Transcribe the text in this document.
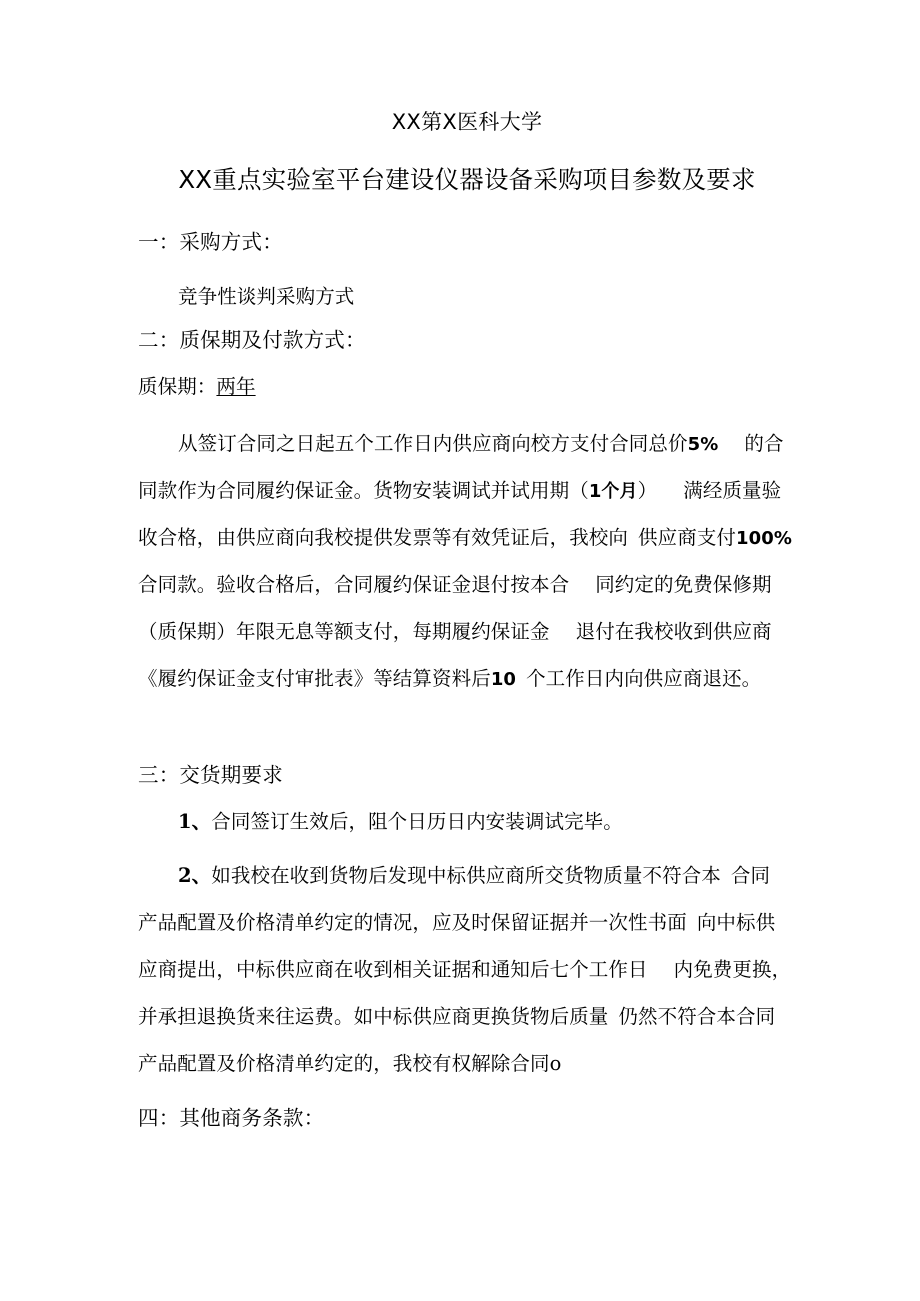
XX第X医科大学
XX重点实验室平台建设仪器设备采购项目参数及要求
一：采购方式：
竞争性谈判采购方式
二：质保期及付款方式：
质保期：两年
从签订合同之日起五个工作日内供应商向校方支付合同总价5% 的合
同款作为合同履约保证金。货物安装调试并试用期（1个月） 满经质量验
收合格，由供应商向我校提供发票等有效凭证后，我校向 供应商支付100%
合同款。验收合格后，合同履约保证金退付按本合 同约定的免费保修期
（质保期）年限无息等额支付，每期履约保证金 退付在我校收到供应商
《履约保证金支付审批表》等结算资料后10 个工作日内向供应商退还。
三：交货期要求
1、合同签订生效后，阻个日历日内安装调试完毕。
2、如我校在收到货物后发现中标供应商所交货物质量不符合本 合同
产品配置及价格清单约定的情况，应及时保留证据并一次性书面 向中标供
应商提出，中标供应商在收到相关证据和通知后七个工作日 内免费更换，
并承担退换货来往运费。如中标供应商更换货物后质量 仍然不符合本合同
产品配置及价格清单约定的，我校有权解除合同o
四：其他商务条款：
